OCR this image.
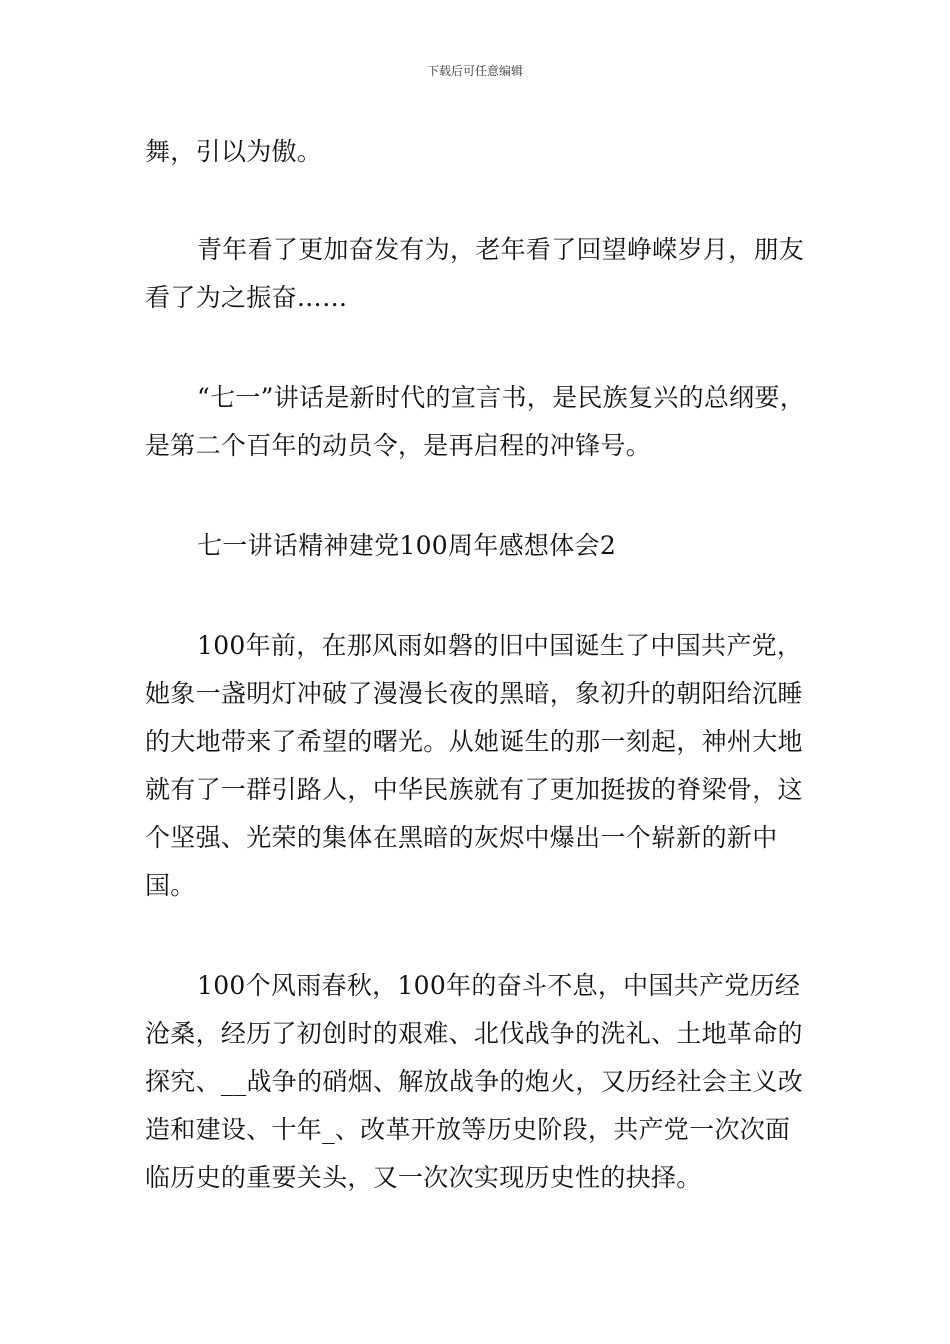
下载后可任意编辑

舞，引以为傲。

青年看了更加奋发有为，老年看了回望峥嵘岁月，朋友看了为之振奋……

“七一”讲话是新时代的宣言书，是民族复兴的总纲要，是第二个百年的动员令，是再启程的冲锋号。

七一讲话精神建党100周年感想体会2

100年前，在那风雨如磐的旧中国诞生了中国共产党，她象一盏明灯冲破了漫漫长夜的黑暗，象初升的朝阳给沉睡的大地带来了希望的曙光。从她诞生的那一刻起，神州大地就有了一群引路人，中华民族就有了更加挺拔的脊梁骨，这个坚强、光荣的集体在黑暗的灰烬中爆出一个崭新的新中国。

100个风雨春秋，100年的奋斗不息，中国共产党历经沧桑，经历了初创时的艰难、北伐战争的洗礼、土地革命的探究、__战争的硝烟、解放战争的炮火，又历经社会主义改造和建设、十年_、改革开放等历史阶段，共产党一次次面临历史的重要关头，又一次次实现历史性的抉择。
